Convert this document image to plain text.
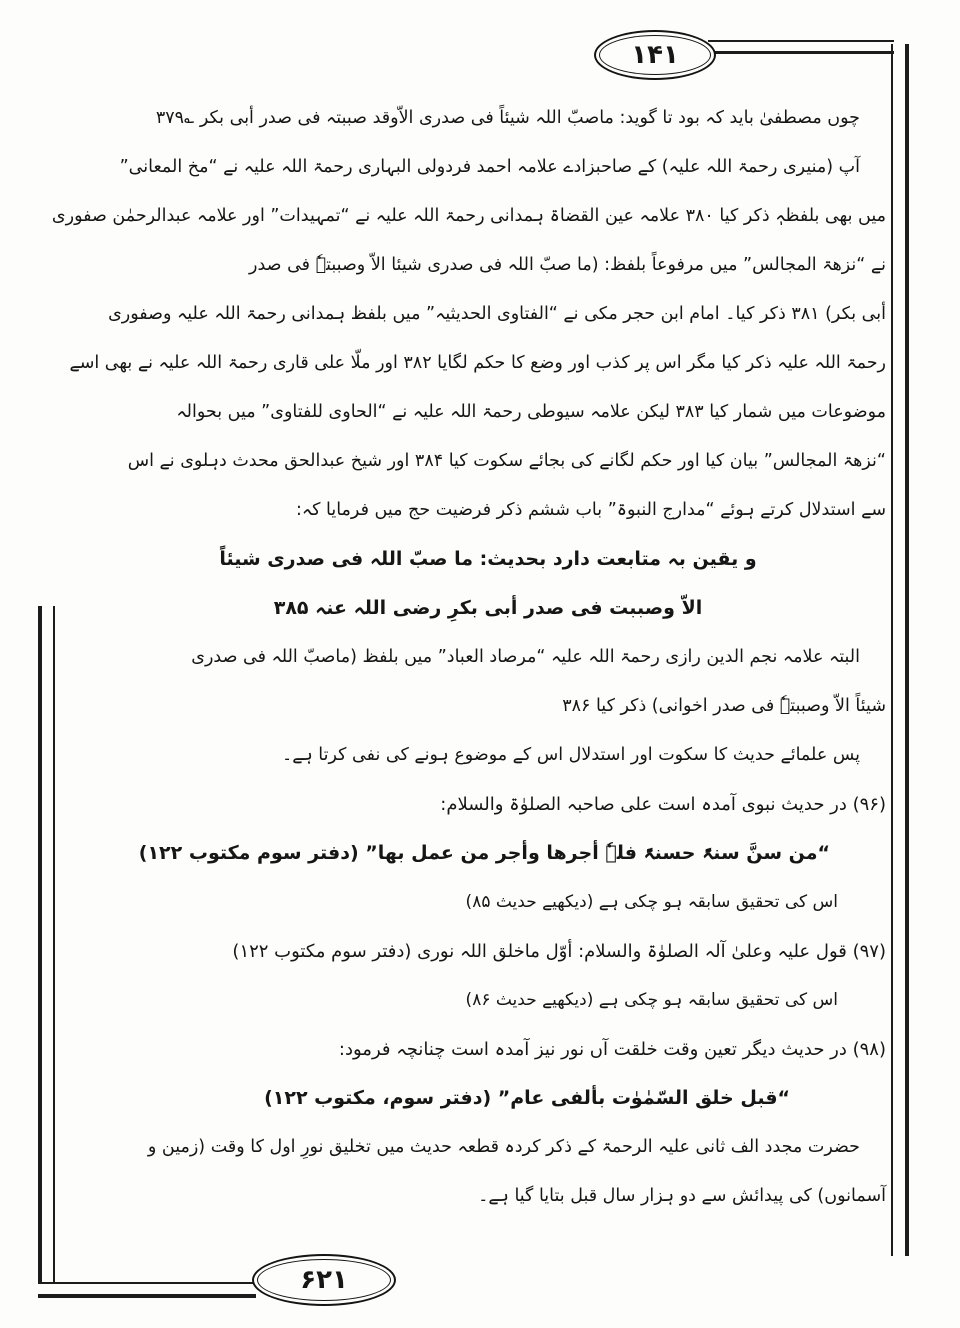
۱۴۱
چوں مصطفیٰ باید کہ بود تا گوید: ماصبّ اللہ شیئاً فی صدری الاّوقد صببتہ فی صدر أبی بکر ؎۳۷۹
آپ (منیری رحمۃ اللہ علیہ) کے صاحبزادے علامہ احمد فردولی البہاری رحمۃ اللہ علیہ نے “مخ المعانی”
میں بھی بلفظہٖ ذکر کیا ۳۸۰ علامہ عین القضاۃ ہمدانی رحمۃ اللہ علیہ نے “تمہیدات” اور علامہ عبدالرحمٰن صفوری
نے “نزھۃ المجالس” میں مرفوعاً بلفظ: (ما صبّ اللہ فی صدری شیئا الاّ وصببتہٗ فی صدر
أبی بکر) ۳۸۱ ذکر کیا۔ امام ابن حجر مکی نے “الفتاوی الحدیثیہ” میں بلفظ ہمدانی رحمۃ اللہ علیہ وصفوری
رحمۃ اللہ علیہ ذکر کیا مگر اس پر کذب اور وضع کا حکم لگایا ۳۸۲ اور ملّا علی قاری رحمۃ اللہ علیہ نے بھی اسے
موضوعات میں شمار کیا ۳۸۳ لیکن علامہ سیوطی رحمۃ اللہ علیہ نے “الحاوی للفتاوی” میں بحوالہ
“نزھۃ المجالس” بیان کیا اور حکم لگانے کی بجائے سکوت کیا ۳۸۴ اور شیخ عبدالحق محدث دہلوی نے اس
سے استدلال کرتے ہوئے “مدارج النبوۃ” باب ششم ذکر فرضیت حج میں فرمایا کہ:
و یقین بہ متابعت دارد بحدیث: ما صبّ اللہ فی صدری شیئاً
الاّ وصببت فی صدر أبی بکرِ رضی اللہ عنہ ۳۸۵
البتہ علامہ نجم الدین رازی رحمۃ اللہ علیہ “مرصاد العباد” میں بلفظ (ماصبّ اللہ فی صدری
شیئاً الاّ وصببتہٗ فی صدر اخوانی) ذکر کیا ۳۸۶
پس علمائے حدیث کا سکوت اور استدلال اس کے موضوع ہونے کی نفی کرتا ہے۔
(۹۶) در حدیث نبوی آمدہ است علی صاحبہ الصلوٰۃ والسلام:
“من سنَّ سنۃً حسنۃً فلہٗ أجرھا وأجر من عمل بھا” (دفتر سوم مکتوب ۱۲۲)
اس کی تحقیق سابقہ ہو چکی ہے (دیکھیے حدیث ۸۵)
(۹۷) قول علیہ وعلیٰ آلہ الصلوٰۃ والسلام: أوّل ماخلق اللہ نوری (دفتر سوم مکتوب ۱۲۲)
اس کی تحقیق سابقہ ہو چکی ہے (دیکھیے حدیث ۸۶)
(۹۸) در حدیث دیگر تعین وقت خلقت آں نور نیز آمدہ است چنانچہ فرمود:
“قبل خلق السّمٰوٰت بألفی عام” (دفتر سوم، مکتوب ۱۲۲)
حضرت مجدد الف ثانی علیہ الرحمۃ کے ذکر کردہ قطعہ حدیث میں تخلیق نورِ اول کا وقت (زمین و
آسمانوں) کی پیدائش سے دو ہزار سال قبل بتایا گیا ہے۔
۶۲۱
